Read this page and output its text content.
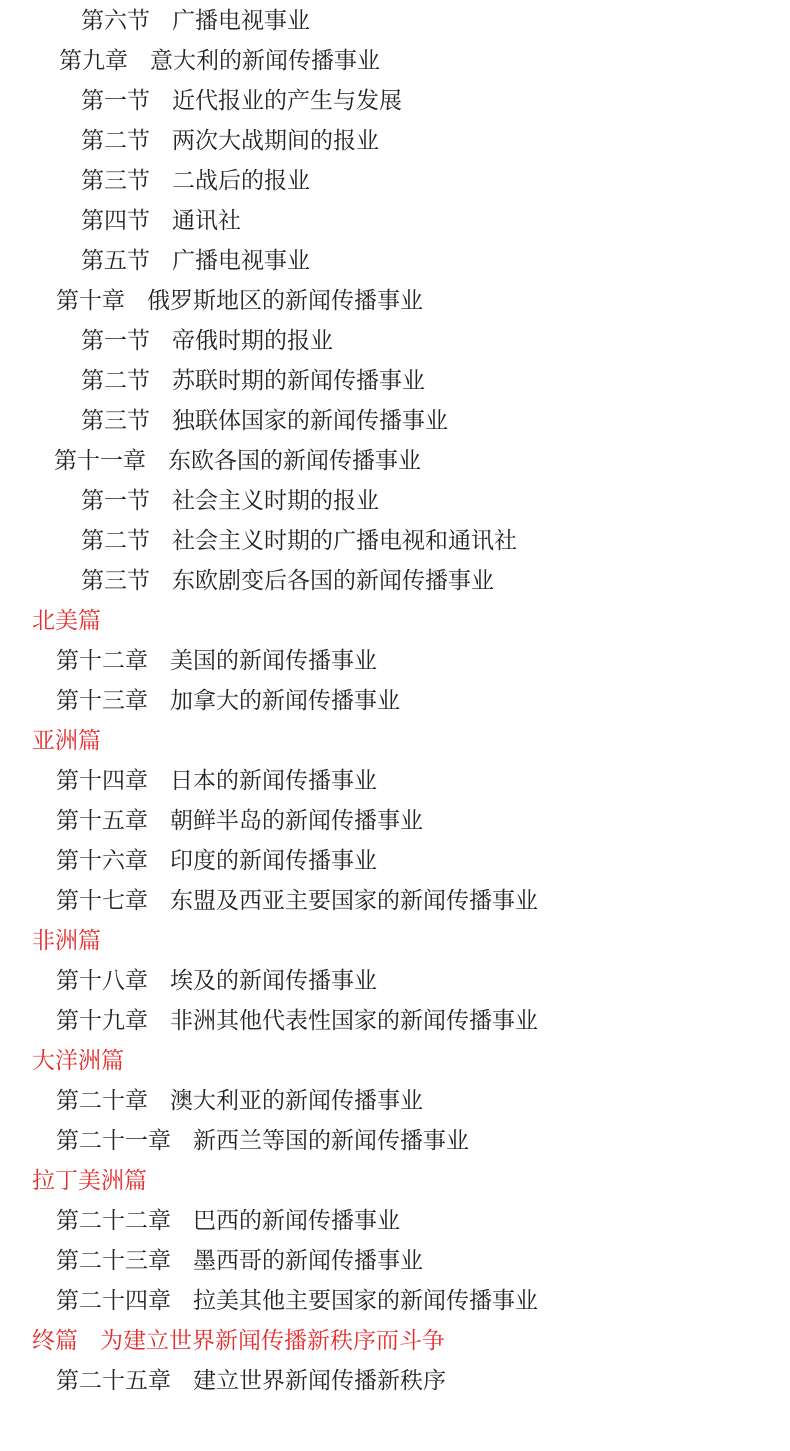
第六节 广播电视事业
第九章 意大利的新闻传播事业
第一节 近代报业的产生与发展
第二节 两次大战期间的报业
第三节 二战后的报业
第四节 通讯社
第五节 广播电视事业
第十章 俄罗斯地区的新闻传播事业
第一节 帝俄时期的报业
第二节 苏联时期的新闻传播事业
第三节 独联体国家的新闻传播事业
第十一章 东欧各国的新闻传播事业
第一节 社会主义时期的报业
第二节 社会主义时期的广播电视和通讯社
第三节 东欧剧变后各国的新闻传播事业
北美篇
第十二章 美国的新闻传播事业
第十三章 加拿大的新闻传播事业
亚洲篇
第十四章 日本的新闻传播事业
第十五章 朝鲜半岛的新闻传播事业
第十六章 印度的新闻传播事业
第十七章 东盟及西亚主要国家的新闻传播事业
非洲篇
第十八章 埃及的新闻传播事业
第十九章 非洲其他代表性国家的新闻传播事业
大洋洲篇
第二十章 澳大利亚的新闻传播事业
第二十一章 新西兰等国的新闻传播事业
拉丁美洲篇
第二十二章 巴西的新闻传播事业
第二十三章 墨西哥的新闻传播事业
第二十四章 拉美其他主要国家的新闻传播事业
终篇 为建立世界新闻传播新秩序而斗争
第二十五章 建立世界新闻传播新秩序
